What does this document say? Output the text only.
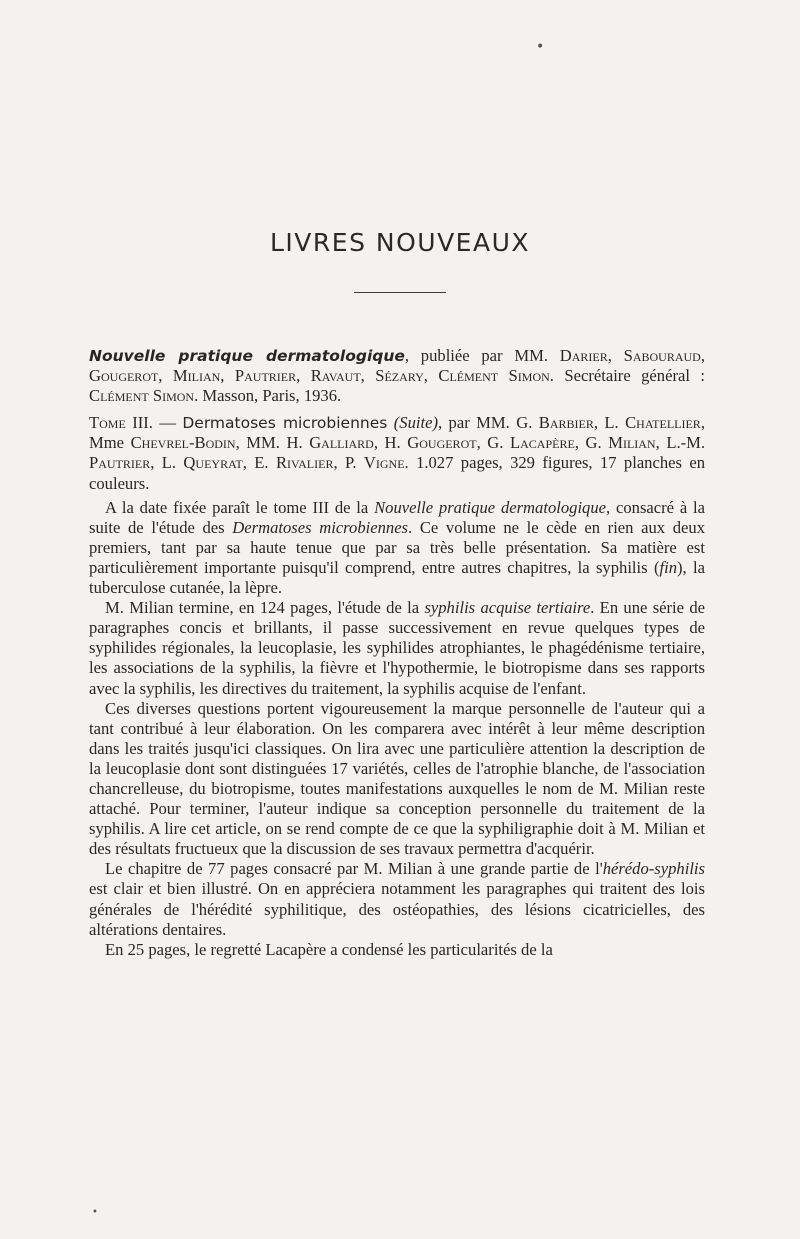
•
LIVRES NOUVEAUX

Nouvelle pratique dermatologique, publiée par MM. Darier, Sabouraud, Gougerot, Milian, Pautrier, Ravaut, Sézary, Clément Simon. Secrétaire général : Clément Simon. Masson, Paris, 1936.

Tome III. — Dermatoses microbiennes (Suite), par MM. G. Barbier, L. Chatellier, Mme Chevrel-Bodin, MM. H. Galliard, H. Gougerot, G. Lacapère, G. Milian, L.-M. Pautrier, L. Queyrat, E. Rivalier, P. Vigne. 1.027 pages, 329 figures, 17 planches en couleurs.

A la date fixée paraît le tome III de la Nouvelle pratique dermatologique, consacré à la suite de l'étude des Dermatoses microbiennes. Ce volume ne le cède en rien aux deux premiers, tant par sa haute tenue que par sa très belle présentation. Sa matière est particulièrement importante puisqu'il comprend, entre autres chapitres, la syphilis (fin), la tuberculose cutanée, la lèpre.

M. Milian termine, en 124 pages, l'étude de la syphilis acquise tertiaire. En une série de paragraphes concis et brillants, il passe successivement en revue quelques types de syphilides régionales, la leucoplasie, les syphilides atrophiantes, le phagédénisme tertiaire, les associations de la syphilis, la fièvre et l'hypothermie, le biotropisme dans ses rapports avec la syphilis, les directives du traitement, la syphilis acquise de l'enfant.

Ces diverses questions portent vigoureusement la marque personnelle de l'auteur qui a tant contribué à leur élaboration. On les comparera avec intérêt à leur même description dans les traités jusqu'ici classiques. On lira avec une particulière attention la description de la leucoplasie dont sont distinguées 17 variétés, celles de l'atrophie blanche, de l'association chancrelleuse, du biotropisme, toutes manifestations auxquelles le nom de M. Milian reste attaché. Pour terminer, l'auteur indique sa conception personnelle du traitement de la syphilis. A lire cet article, on se rend compte de ce que la syphiligraphie doit à M. Milian et des résultats fructueux que la discussion de ses travaux permettra d'acquérir.

Le chapitre de 77 pages consacré par M. Milian à une grande partie de l'hérédo-syphilis est clair et bien illustré. On en appréciera notamment les paragraphes qui traitent des lois générales de l'hérédité syphilitique, des ostéopathies, des lésions cicatricielles, des altérations dentaires.

En 25 pages, le regretté Lacapère a condensé les particularités de la

•
